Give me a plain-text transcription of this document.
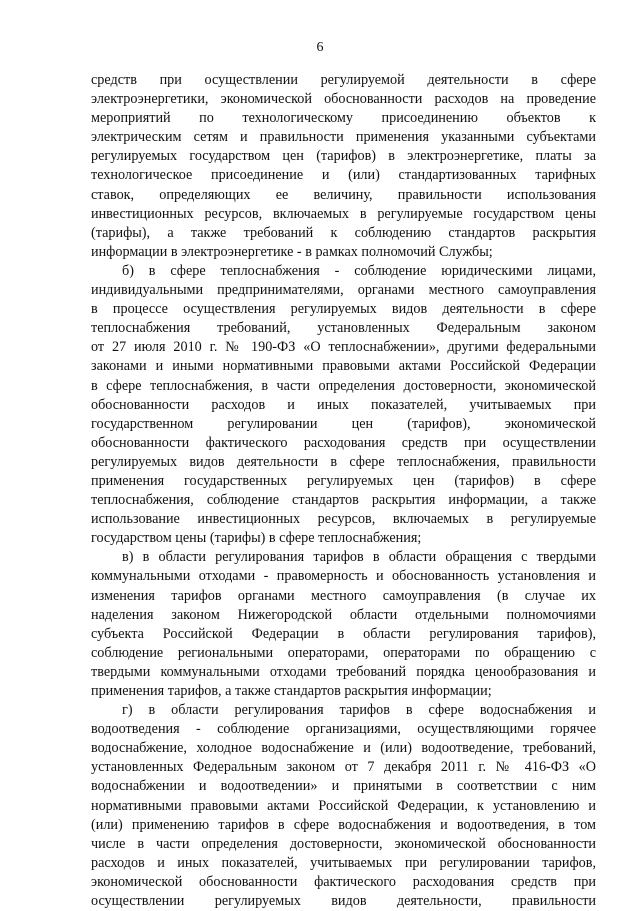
6
средств при осуществлении регулируемой деятельности в сфере
электроэнергетики, экономической обоснованности расходов на проведение
мероприятий по технологическому присоединению объектов к
электрическим сетям и правильности применения указанными субъектами
регулируемых государством цен (тарифов) в электроэнергетике, платы за
технологическое присоединение и (или) стандартизованных тарифных
ставок, определяющих ее величину, правильности использования
инвестиционных ресурсов, включаемых в регулируемые государством цены
(тарифы), а также требований к соблюдению стандартов раскрытия
информации в электроэнергетике - в рамках полномочий Службы;
б) в сфере теплоснабжения - соблюдение юридическими лицами,
индивидуальными предпринимателями, органами местного самоуправления
в процессе осуществления регулируемых видов деятельности в сфере
теплоснабжения требований, установленных Федеральным законом
от 27 июля 2010 г. № 190-ФЗ «О теплоснабжении», другими федеральными
законами и иными нормативными правовыми актами Российской Федерации
в сфере теплоснабжения, в части определения достоверности, экономической
обоснованности расходов и иных показателей, учитываемых при
государственном регулировании цен (тарифов), экономической
обоснованности фактического расходования средств при осуществлении
регулируемых видов деятельности в сфере теплоснабжения, правильности
применения государственных регулируемых цен (тарифов) в сфере
теплоснабжения, соблюдение стандартов раскрытия информации, а также
использование инвестиционных ресурсов, включаемых в регулируемые
государством цены (тарифы) в сфере теплоснабжения;
в) в области регулирования тарифов в области обращения с твердыми
коммунальными отходами - правомерность и обоснованность установления и
изменения тарифов органами местного самоуправления (в случае их
наделения законом Нижегородской области отдельными полномочиями
субъекта Российской Федерации в области регулирования тарифов),
соблюдение региональными операторами, операторами по обращению с
твердыми коммунальными отходами требований порядка ценообразования и
применения тарифов, а также стандартов раскрытия информации;
г) в области регулирования тарифов в сфере водоснабжения и
водоотведения - соблюдение организациями, осуществляющими горячее
водоснабжение, холодное водоснабжение и (или) водоотведение, требований,
установленных Федеральным законом от 7 декабря 2011 г. № 416-ФЗ «О
водоснабжении и водоотведении» и принятыми в соответствии с ним
нормативными правовыми актами Российской Федерации, к установлению и
(или) применению тарифов в сфере водоснабжения и водоотведения, в том
числе в части определения достоверности, экономической обоснованности
расходов и иных показателей, учитываемых при регулировании тарифов,
экономической обоснованности фактического расходования средств при
осуществлении регулируемых видов деятельности, правильности
